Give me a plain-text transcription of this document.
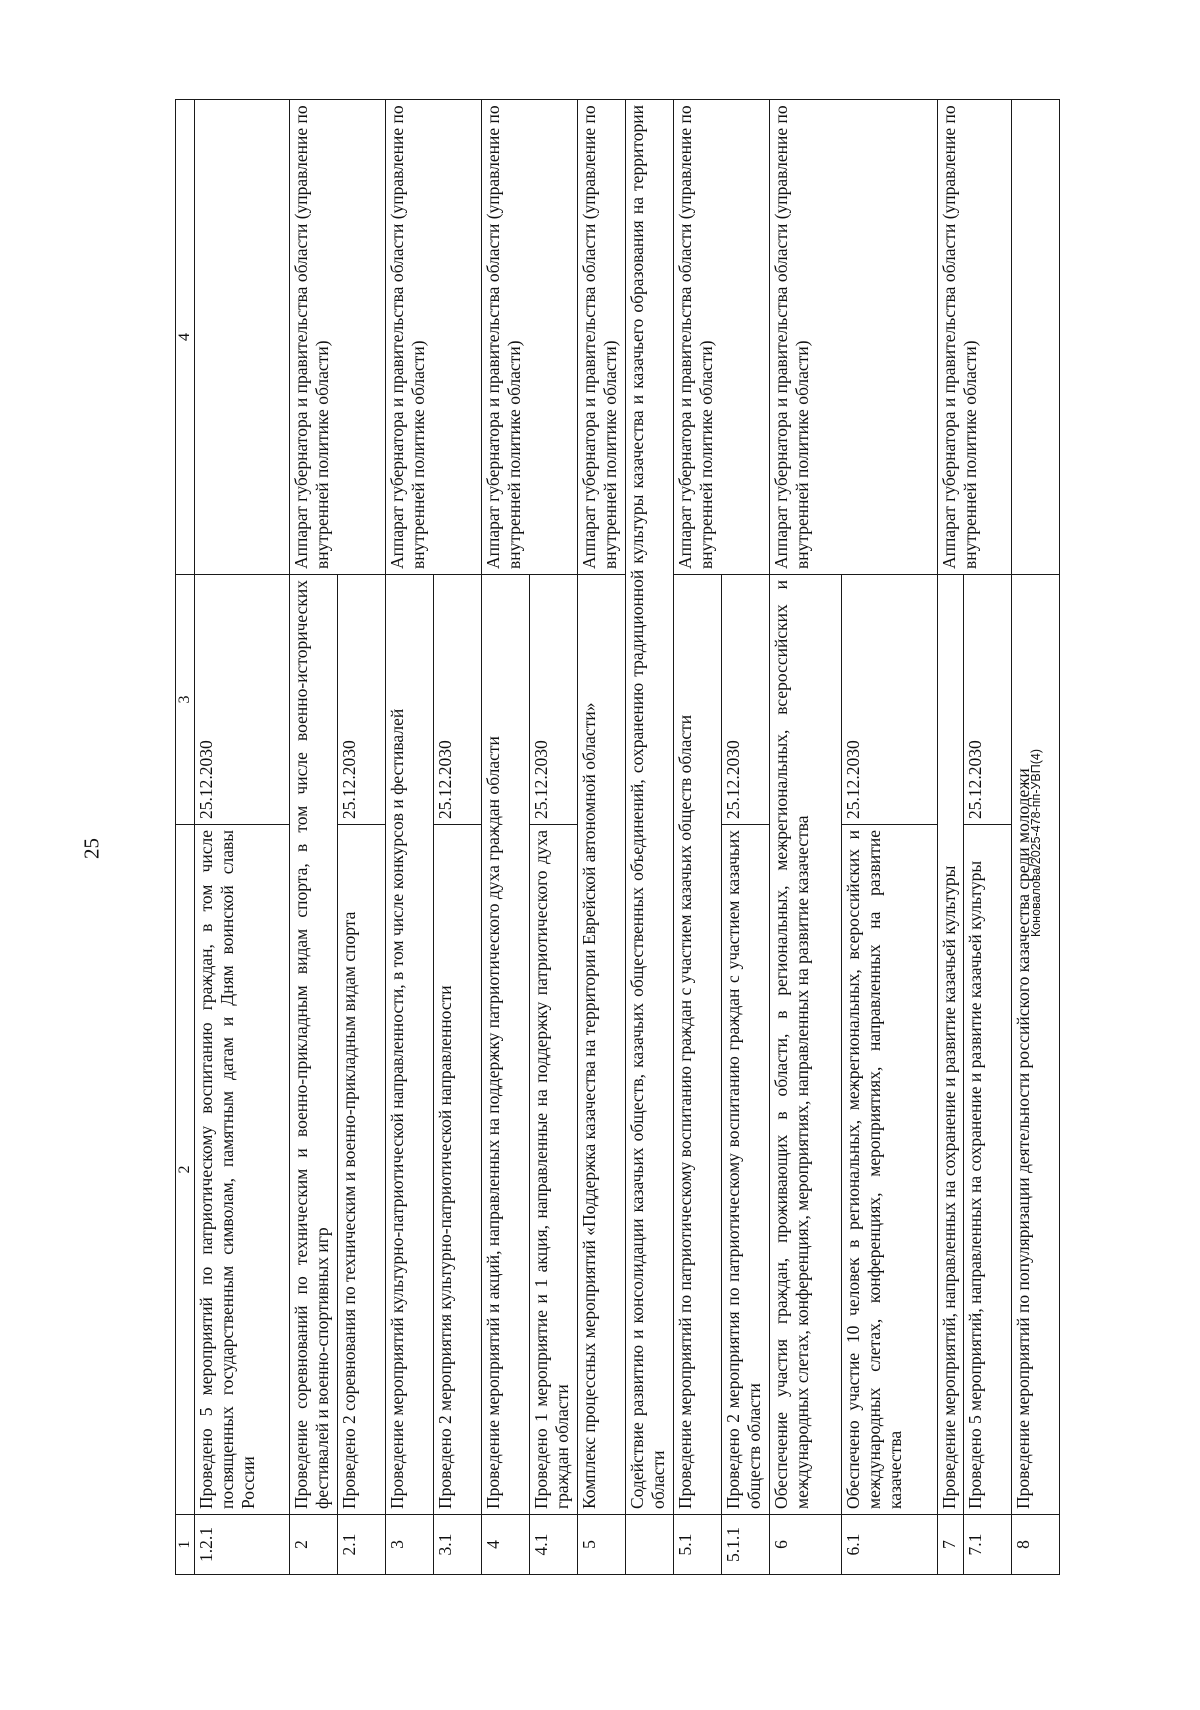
25	Коновалова/2025-478-пп-УВП(4)
1	2	3	4
1.2.1	Проведено 5 мероприятий по патриотическому воспитанию граждан, в том числе посвященных государственным символам, памятным датам и Дням воинской славы России	25.12.2030	
2	Проведение соревнований по техническим и военно-прикладным видам спорта, в том числе военно-исторических фестивалей и военно-спортивных игр		Аппарат губернатора и правительства области (управление по внутренней политике области)
2.1	Проведено 2 соревнования по техническим и военно-прикладным видам спорта	25.12.2030	
3	Проведение мероприятий культурно-патриотической направленности, в том числе конкурсов и фестивалей		Аппарат губернатора и правительства области (управление по внутренней политике области)
3.1	Проведено 2 мероприятия культурно-патриотической направленности	25.12.2030	
4	Проведение мероприятий и акций, направленных на поддержку патриотического духа граждан области		Аппарат губернатора и правительства области (управление по внутренней политике области)
4.1	Проведено 1 мероприятие и 1 акция, направленные на поддержку патриотического духа граждан области	25.12.2030	
5	Комплекс процессных мероприятий «Поддержка казачества на территории Еврейской автономной области»		Аппарат губернатора и правительства области (управление по внутренней политике области)
	Содействие развитию и консолидации казачьих обществ, казачьих общественных объединений, сохранению традиционной культуры казачества и казачьего образования на территории области		
5.1	Проведение мероприятий по патриотическому воспитанию граждан с участием казачьих обществ области		Аппарат губернатора и правительства области (управление по внутренней политике области)
5.1.1	Проведено 2 мероприятия по патриотическому воспитанию граждан с участием казачьих обществ области	25.12.2030	
6	Обеспечение участия граждан, проживающих в области, в региональных, межрегиональных, всероссийских и международных слетах, конференциях, мероприятиях, направленных на развитие казачества		Аппарат губернатора и правительства области (управление по внутренней политике области)
6.1	Обеспечено участие 10 человек в региональных, межрегиональных, всероссийских и международных слетах, конференциях, мероприятиях, направленных на развитие казачества	25.12.2030	
7	Проведение мероприятий, направленных на сохранение и развитие казачьей культуры		Аппарат губернатора и правительства области (управление по внутренней политике области)
7.1	Проведено 5 мероприятий, направленных на сохранение и развитие казачьей культуры	25.12.2030	
8	Проведение мероприятий по популяризации деятельности российского казачества среди молодежи		
